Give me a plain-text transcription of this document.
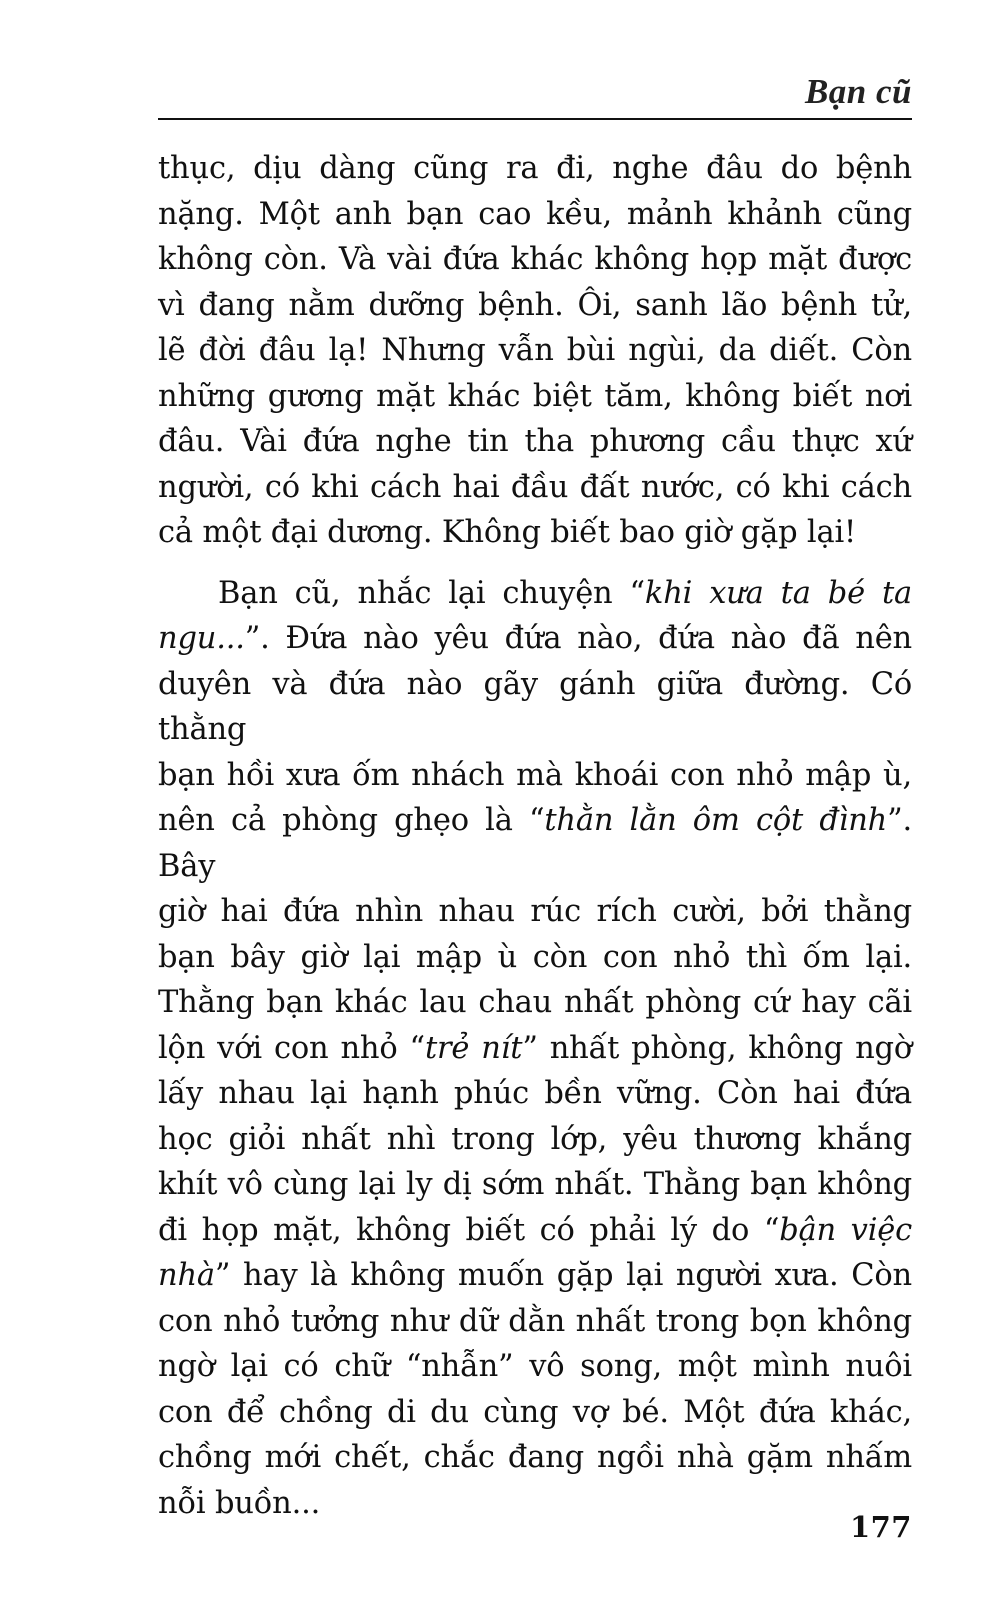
Bạn cũ
thục, dịu dàng cũng ra đi, nghe đâu do bệnh
nặng. Một anh bạn cao kều, mảnh khảnh cũng
không còn. Và vài đứa khác không họp mặt được
vì đang nằm dưỡng bệnh. Ôi, sanh lão bệnh tử,
lẽ đời đâu lạ! Nhưng vẫn bùi ngùi, da diết. Còn
những gương mặt khác biệt tăm, không biết nơi
đâu. Vài đứa nghe tin tha phương cầu thực xứ
người, có khi cách hai đầu đất nước, có khi cách
cả một đại dương. Không biết bao giờ gặp lại!
Bạn cũ, nhắc lại chuyện “khi xưa ta bé ta
ngu...”. Đứa nào yêu đứa nào, đứa nào đã nên
duyên và đứa nào gãy gánh giữa đường. Có thằng
bạn hồi xưa ốm nhách mà khoái con nhỏ mập ù,
nên cả phòng ghẹo là “thằn lằn ôm cột đình”. Bây
giờ hai đứa nhìn nhau rúc rích cười, bởi thằng
bạn bây giờ lại mập ù còn con nhỏ thì ốm lại.
Thằng bạn khác lau chau nhất phòng cứ hay cãi
lộn với con nhỏ “trẻ nít” nhất phòng, không ngờ
lấy nhau lại hạnh phúc bền vững. Còn hai đứa
học giỏi nhất nhì trong lớp, yêu thương khắng
khít vô cùng lại ly dị sớm nhất. Thằng bạn không
đi họp mặt, không biết có phải lý do “bận việc
nhà” hay là không muốn gặp lại người xưa. Còn
con nhỏ tưởng như dữ dằn nhất trong bọn không
ngờ lại có chữ “nhẫn” vô song, một mình nuôi
con để chồng di du cùng vợ bé. Một đứa khác,
chồng mới chết, chắc đang ngồi nhà gặm nhấm
nỗi buồn...
177
